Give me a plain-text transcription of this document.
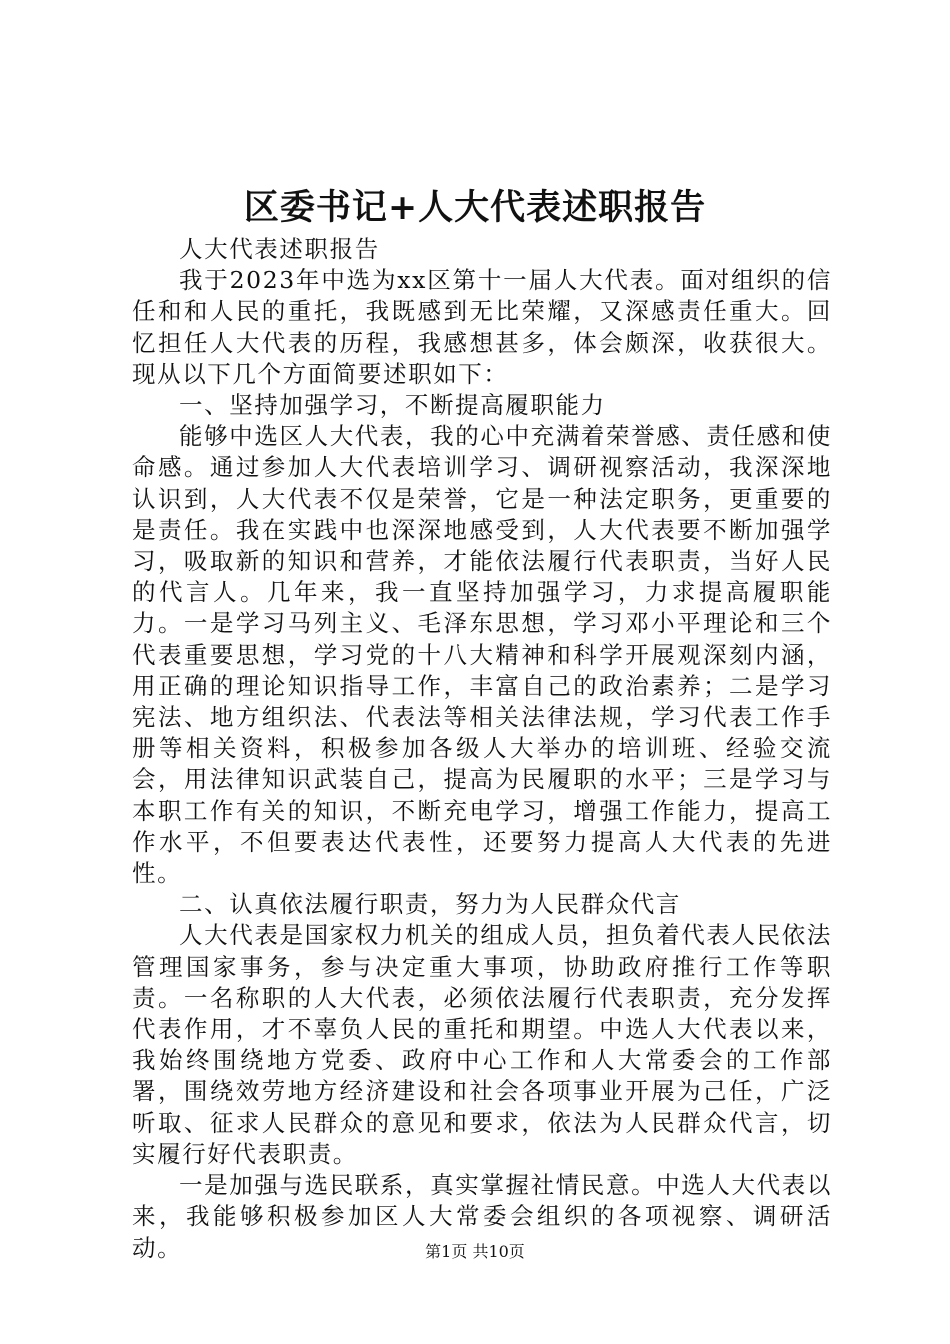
区委书记+人大代表述职报告

人大代表述职报告

我于2023年中选为xx区第十一届人大代表。面对组织的信任和和人民的重托，我既感到无比荣耀，又深感责任重大。回忆担任人大代表的历程，我感想甚多，体会颇深，收获很大。现从以下几个方面简要述职如下：

一、坚持加强学习，不断提高履职能力

能够中选区人大代表，我的心中充满着荣誉感、责任感和使命感。通过参加人大代表培训学习、调研视察活动，我深深地认识到，人大代表不仅是荣誉，它是一种法定职务，更重要的是责任。我在实践中也深深地感受到，人大代表要不断加强学习，吸取新的知识和营养，才能依法履行代表职责，当好人民的代言人。几年来，我一直坚持加强学习，力求提高履职能力。一是学习马列主义、毛泽东思想，学习邓小平理论和三个代表重要思想，学习党的十八大精神和科学开展观深刻内涵，用正确的理论知识指导工作，丰富自己的政治素养；二是学习宪法、地方组织法、代表法等相关法律法规，学习代表工作手册等相关资料，积极参加各级人大举办的培训班、经验交流会，用法律知识武装自己，提高为民履职的水平；三是学习与本职工作有关的知识，不断充电学习，增强工作能力，提高工作水平，不但要表达代表性，还要努力提高人大代表的先进性。

二、认真依法履行职责，努力为人民群众代言

人大代表是国家权力机关的组成人员，担负着代表人民依法管理国家事务，参与决定重大事项，协助政府推行工作等职责。一名称职的人大代表，必须依法履行代表职责，充分发挥代表作用，才不辜负人民的重托和期望。中选人大代表以来，我始终围绕地方党委、政府中心工作和人大常委会的工作部署，围绕效劳地方经济建设和社会各项事业开展为己任，广泛听取、征求人民群众的意见和要求，依法为人民群众代言，切实履行好代表职责。

一是加强与选民联系，真实掌握社情民意。中选人大代表以来，我能够积极参加区人大常委会组织的各项视察、调研活动。	第1页 共10页
